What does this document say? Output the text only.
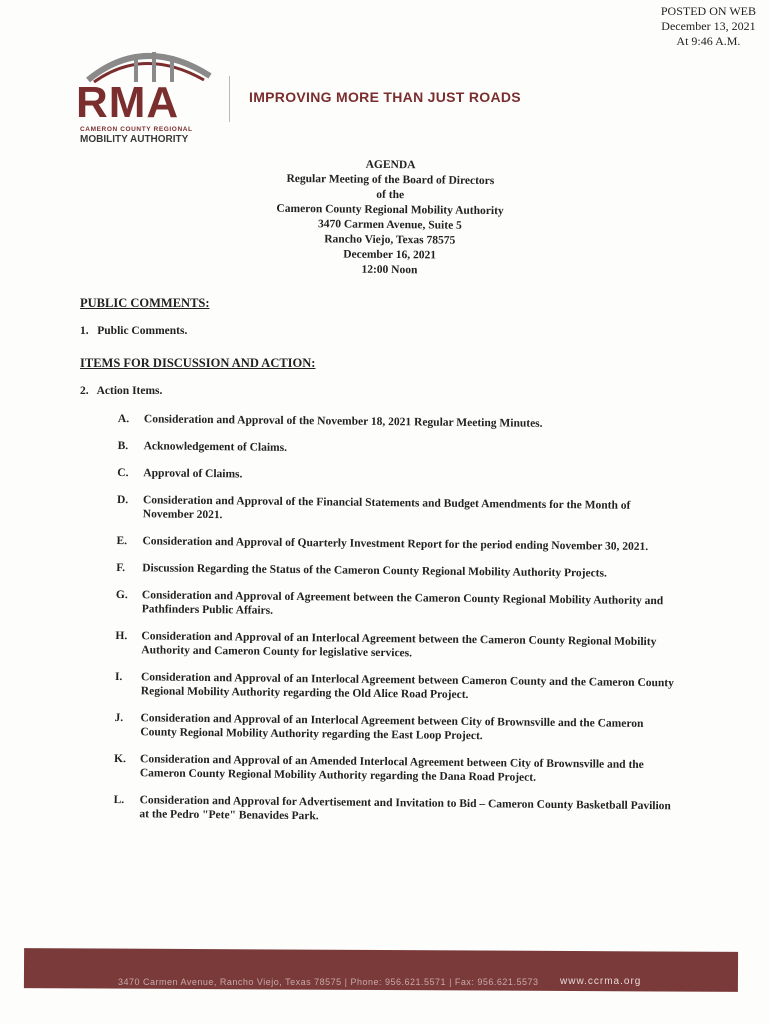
POSTED ON WEB
December 13, 2021
At 9:46 A.M.
RMA
CAMERON COUNTY REGIONAL
MOBILITY AUTHORITY
IMPROVING MORE THAN JUST ROADS
AGENDA
Regular Meeting of the Board of Directors
of the
Cameron County Regional Mobility Authority
3470 Carmen Avenue, Suite 5
Rancho Viejo, Texas 78575
December 16, 2021
12:00 Noon
PUBLIC COMMENTS:
1.   Public Comments.
ITEMS FOR DISCUSSION AND ACTION:
2.   Action Items.
A. Consideration and Approval of the November 18, 2021 Regular Meeting Minutes.
B. Acknowledgement of Claims.
C. Approval of Claims.
D. Consideration and Approval of the Financial Statements and Budget Amendments for the Month of November 2021.
E. Consideration and Approval of Quarterly Investment Report for the period ending November 30, 2021.
F. Discussion Regarding the Status of the Cameron County Regional Mobility Authority Projects.
G. Consideration and Approval of Agreement between the Cameron County Regional Mobility Authority and Pathfinders Public Affairs.
H. Consideration and Approval of an Interlocal Agreement between the Cameron County Regional Mobility Authority and Cameron County for legislative services.
I. Consideration and Approval of an Interlocal Agreement between Cameron County and the Cameron County Regional Mobility Authority regarding the Old Alice Road Project.
J. Consideration and Approval of an Interlocal Agreement between City of Brownsville and the Cameron County Regional Mobility Authority regarding the East Loop Project.
K. Consideration and Approval of an Amended Interlocal Agreement between City of Brownsville and the Cameron County Regional Mobility Authority regarding the Dana Road Project.
L. Consideration and Approval for Advertisement and Invitation to Bid – Cameron County Basketball Pavilion at the Pedro "Pete" Benavides Park.
3470 Carmen Avenue, Rancho Viejo, Texas 78575 | Phone: 956.621.5571 | Fax: 956.621.5573 www.ccrma.org
